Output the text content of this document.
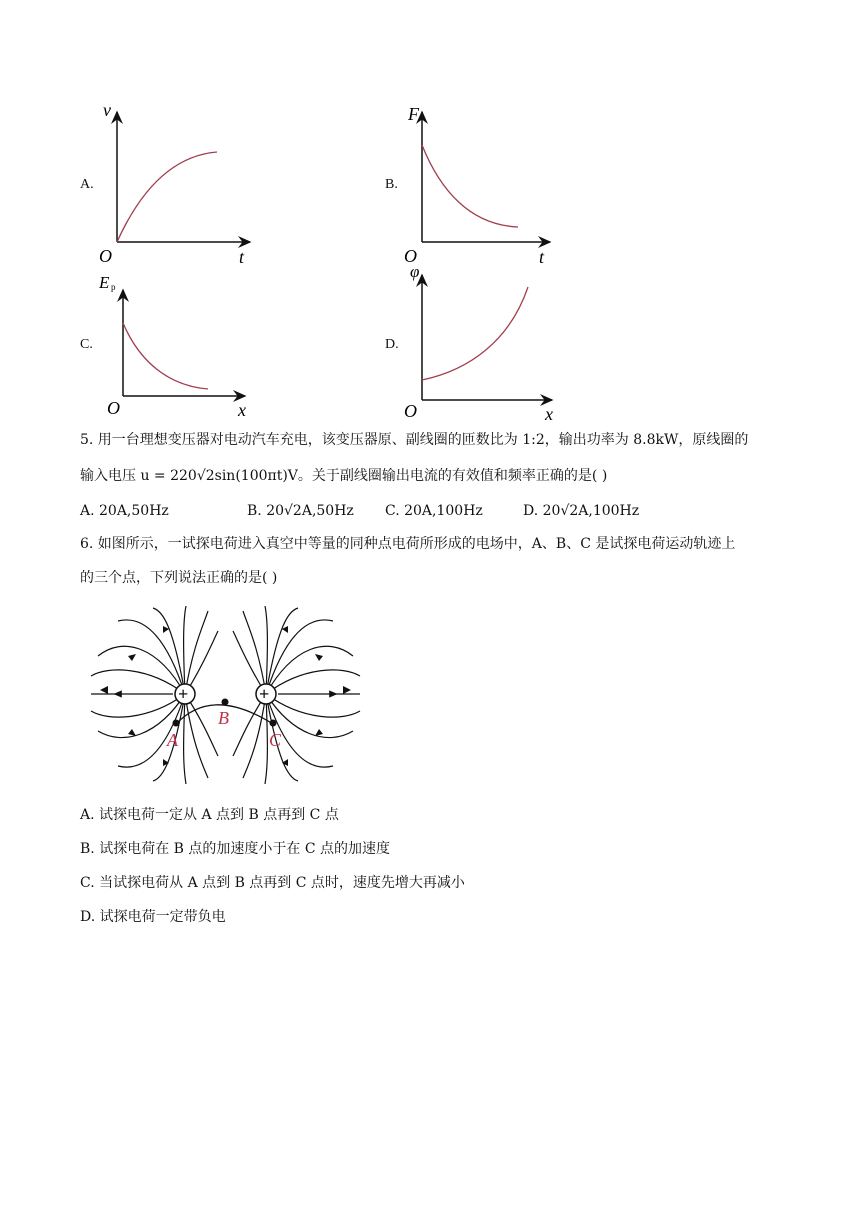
A.
v
t
O
B.
F
t
O
C.
E p
x
O
D.
φ
x
O
5. 用一台理想变压器对电动汽车充电，该变压器原、副线圈的匝数比为 1:2，输出功率为 8.8kW，原线圈的
输入电压 u = 220√2sin(100πt)V。关于副线圈输出电流的有效值和频率正确的是( )
A. 20A,50Hz	B. 20√2A,50Hz C. 20A,100Hz	D. 20√2A,100Hz
6. 如图所示，一试探电荷进入真空中等量的同种点电荷所形成的电场中，A、B、C 是试探电荷运动轨迹上
的三个点，下列说法正确的是( )
+	+
A
B
C
A. 试探电荷一定从 A 点到 B 点再到 C 点
B. 试探电荷在 B 点的加速度小于在 C 点的加速度
C. 当试探电荷从 A 点到 B 点再到 C 点时，速度先增大再减小
D. 试探电荷一定带负电
